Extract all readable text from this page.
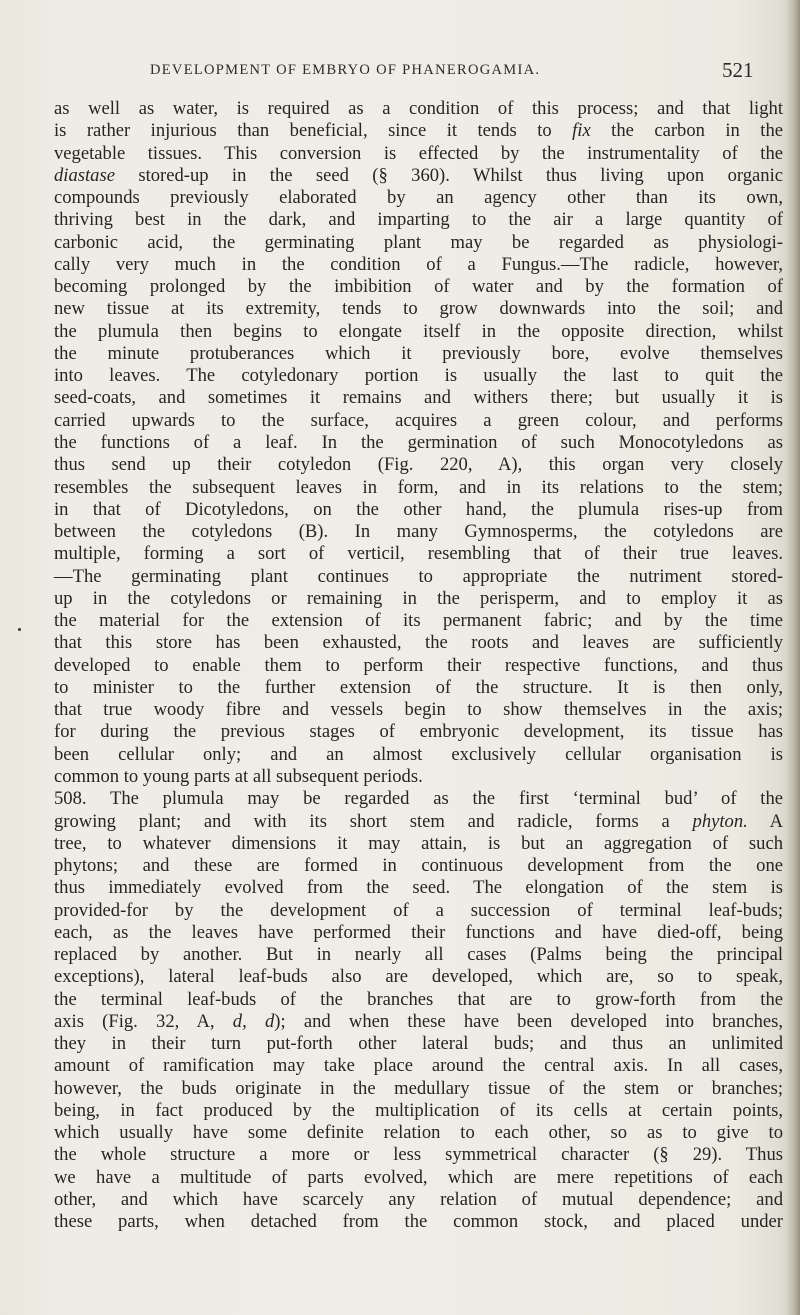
DEVELOPMENT OF EMBRYO OF PHANEROGAMIA.	521
as well as water, is required as a condition of this process; and that light
is rather injurious than beneficial, since it tends to fix the carbon in the
vegetable tissues. This conversion is effected by the instrumentality of the
diastase stored-up in the seed (§ 360). Whilst thus living upon organic
compounds previously elaborated by an agency other than its own,
thriving best in the dark, and imparting to the air a large quantity of
carbonic acid, the germinating plant may be regarded as physiologi-
cally very much in the condition of a Fungus.—The radicle, however,
becoming prolonged by the imbibition of water and by the formation of
new tissue at its extremity, tends to grow downwards into the soil; and
the plumula then begins to elongate itself in the opposite direction, whilst
the minute protuberances which it previously bore, evolve themselves
into leaves. The cotyledonary portion is usually the last to quit the
seed-coats, and sometimes it remains and withers there; but usually it is
carried upwards to the surface, acquires a green colour, and performs
the functions of a leaf. In the germination of such Monocotyledons as
thus send up their cotyledon (Fig. 220, A), this organ very closely
resembles the subsequent leaves in form, and in its relations to the stem;
in that of Dicotyledons, on the other hand, the plumula rises-up from
between the cotyledons (B). In many Gymnosperms, the cotyledons are
multiple, forming a sort of verticil, resembling that of their true leaves.
—The germinating plant continues to appropriate the nutriment stored-
up in the cotyledons or remaining in the perisperm, and to employ it as
the material for the extension of its permanent fabric; and by the time
that this store has been exhausted, the roots and leaves are sufficiently
developed to enable them to perform their respective functions, and thus
to minister to the further extension of the structure. It is then only,
that true woody fibre and vessels begin to show themselves in the axis;
for during the previous stages of embryonic development, its tissue has
been cellular only; and an almost exclusively cellular organisation is
common to young parts at all subsequent periods.
508. The plumula may be regarded as the first ‘terminal bud’ of the
growing plant; and with its short stem and radicle, forms a phyton. A
tree, to whatever dimensions it may attain, is but an aggregation of such
phytons; and these are formed in continuous development from the one
thus immediately evolved from the seed. The elongation of the stem is
provided-for by the development of a succession of terminal leaf-buds;
each, as the leaves have performed their functions and have died-off, being
replaced by another. But in nearly all cases (Palms being the principal
exceptions), lateral leaf-buds also are developed, which are, so to speak,
the terminal leaf-buds of the branches that are to grow-forth from the
axis (Fig. 32, A, d, d); and when these have been developed into branches,
they in their turn put-forth other lateral buds; and thus an unlimited
amount of ramification may take place around the central axis. In all cases,
however, the buds originate in the medullary tissue of the stem or branches;
being, in fact produced by the multiplication of its cells at certain points,
which usually have some definite relation to each other, so as to give to
the whole structure a more or less symmetrical character (§ 29). Thus
we have a multitude of parts evolved, which are mere repetitions of each
other, and which have scarcely any relation of mutual dependence; and
these parts, when detached from the common stock, and placed under
